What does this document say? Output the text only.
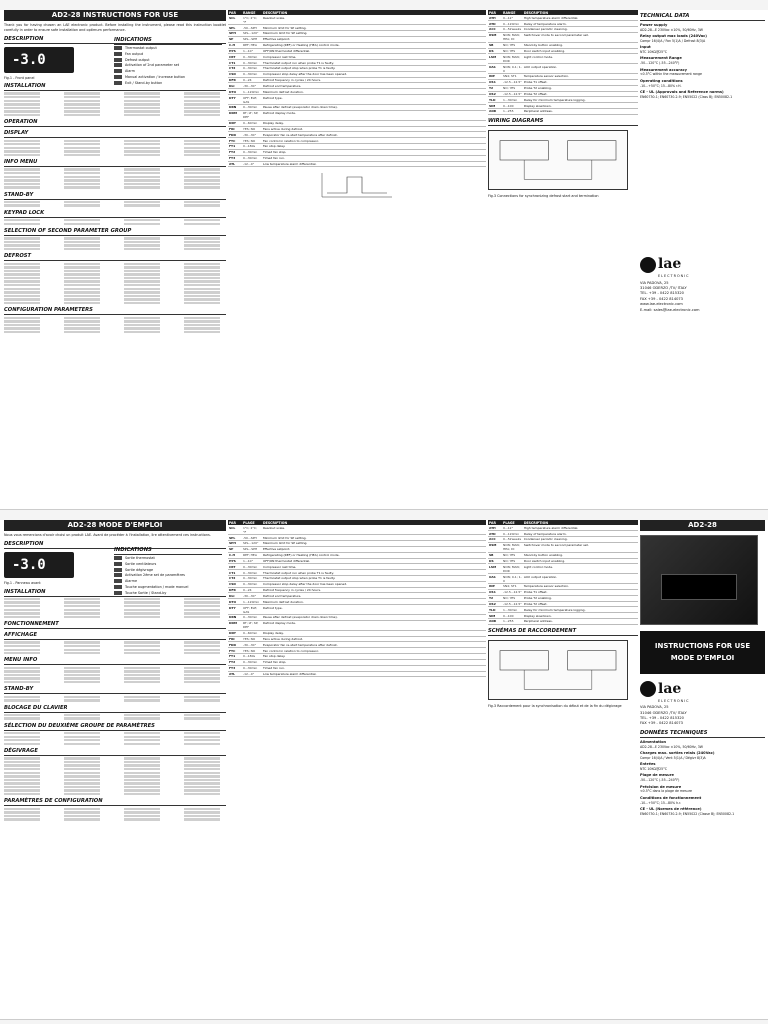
AD2-28 INSTRUCTIONS FOR USE
Thank you for having chosen an LAE electronic product. Before installing the instrument, please read this instruction booklet carefully in order to ensure safe installation and optimum performance.
DESCRIPTION
-3.0
Fig.1 - Front panel
INDICATIONS
Thermostat output
Fan output
Defrost output
Activation of 2nd parameter set
Alarm
Manual activation / increase button
Exit / Stand-by button
INSTALLATION
OPERATION
DISPLAY
INFO MENU
STAND-BY
KEYPAD LOCK
SELECTION OF SECOND PARAMETER GROUP
DEFROST
CONFIGURATION PARAMETERS
PAR	RANGE	DESCRIPTION
SCL	1°C; 2°C; °F	Readout scale.
SPL	-50...SPH	Minimum limit for SP setting.
SPH	SPL...120°	Maximum limit for SP setting.
SP	SPL...SPH	Effective setpoint.
C-H	REF; HEA	Refrigerating (REF) or Heating (HEA) control mode.
HYS	1...10°	OFF/ON thermostat differential.
CRT	0...30min	Compressor rest time.
CT1	0...30min	Thermostat output run when probe T1 is faulty.
CT2	0...30min	Thermostat output stop when probe T1 is faulty.
CSD	0...30min	Compressor stop delay after the door has been opened.
DFR	0...24	Defrost frequency in cycles / 24 hours.
DLI	-30...30°	Defrost end temperature.
DTO	1...120min	Maximum defrost duration.
DTY	OFF; ELE; GAS	Defrost type.
DRN	0...30min	Pause after defrost (evaporator drain down time).
DDM	RT; LT; SP; DEF	Defrost display mode.
DDY	0...60min	Display delay.
FID	YES; NO	Fans active during defrost.
FDD	-30...30°	Evaporator fan re-start temperature after defrost.
FTC	YES; NO	Fan control in relation to compressor.
FT1	0...180s	Fan stop delay.
FT2	0...30min	Timed fan stop.
FT3	0...30min	Timed fan run.
ATL	-12...0°	Low temperature alarm differential.
PAR	RANGE	DESCRIPTION
ATH	0...12°	High temperature alarm differential.
ATD	0...120min	Delay of temperature alarm.
ACC	0...52weeks	Condenser periodic cleaning.
IISM	NON; MAN; HEA; DI	Switchover mode to second parameter set.
SB	NO; YES	Stand-by button enabling.
DS	NO; YES	Door switch input enabling.
LSM	NON; MAN; DOR	Light control mode.
OA1	NON; 0-1; 1-0	AUX output operation.
INP	SN4; ST1	Temperature sensor selection.
OS1	-12.5...12.5°	Probe T1 offset.
T2	NO; YES	Probe T2 enabling.
OS2	-12.5...12.5°	Probe T2 offset.
TLD	1...30min	Delay for minimum temperature logging.
SIM	0...100	Display slowdown.
ADR	1...255	Peripheral address.
WIRING DIAGRAMS
Fig.3 Connections for synchronizing defrost start and termination
TECHNICAL DATA
Power supply
AD2-28...E 230Vac ±10%, 50/60Hz, 3W
Relay output max loads (240Vac)
Compr 16(4)A / Fan 5(1)A / Defrost 8(3)A
Input
NTC 10KΩ@25°C
Measurement Range
-50...120°C (-55...240°F)
Measurement accuracy
<0.5°C within the measurement range
Operating conditions
-10...+50°C; 15...80% r.H.
CE - UL (Approvals and Reference norms)
EN60730-1; EN60730-2-9; EN55022 (Class B); EN50082-1
lae
ELECTRONIC
VIA PADOVA, 25
31046 ODERZO /TV/ ITALY
TEL. +39 - 0422 815320
FAX +39 - 0422 814073
www.lae-electronic.com
E-mail: sales@lae-electronic.com
AD2-28 MODE D'EMPLOI
Nous vous remercions d'avoir choisi un produit LAE. Avant de procéder à l'installation, lire attentivement ces instructions.
DESCRIPTION
-3.0
Fig.1 - Panneau avant
INDICATIONS
Sortie thermostat
Sortie ventilateurs
Sortie dégivrage
Activation 2ème set de paramètres
Alarme
Touche augmentation / mode manuel
Touche Sortie / Stand-by
INSTALLATION
FONCTIONNEMENT
AFFICHAGE
MENU INFO
STAND-BY
BLOCAGE DU CLAVIER
SÉLECTION DU DEUXIÈME GROUPE DE PARAMÈTRES
DÉGIVRAGE
PARAMÈTRES DE CONFIGURATION
PAR	PLAGE	DESCRIPTION
SCL	1°C; 2°C; °F	Readout scale.
SPL	-50...SPH	Minimum limit for SP setting.
SPH	SPL...120°	Maximum limit for SP setting.
SP	SPL...SPH	Effective setpoint.
C-H	REF; HEA	Refrigerating (REF) or Heating (HEA) control mode.
HYS	1...10°	OFF/ON thermostat differential.
CRT	0...30min	Compressor rest time.
CT1	0...30min	Thermostat output run when probe T1 is faulty.
CT2	0...30min	Thermostat output stop when probe T1 is faulty.
CSD	0...30min	Compressor stop delay after the door has been opened.
DFR	0...24	Defrost frequency in cycles / 24 hours.
DLI	-30...30°	Defrost end temperature.
DTO	1...120min	Maximum defrost duration.
DTY	OFF; ELE; GAS	Defrost type.
DRN	0...30min	Pause after defrost (evaporator drain down time).
DDM	RT; LT; SP; DEF	Defrost display mode.
DDY	0...60min	Display delay.
FID	YES; NO	Fans active during defrost.
FDD	-30...30°	Evaporator fan re-start temperature after defrost.
FTC	YES; NO	Fan control in relation to compressor.
FT1	0...180s	Fan stop delay.
FT2	0...30min	Timed fan stop.
FT3	0...30min	Timed fan run.
ATL	-12...0°	Low temperature alarm differential.
PAR	PLAGE	DESCRIPTION
ATH	0...12°	High temperature alarm differential.
ATD	0...120min	Delay of temperature alarm.
ACC	0...52weeks	Condenser periodic cleaning.
IISM	NON; MAN; HEA; DI	Switchover mode to second parameter set.
SB	NO; YES	Stand-by button enabling.
DS	NO; YES	Door switch input enabling.
LSM	NON; MAN; DOR	Light control mode.
OA1	NON; 0-1; 1-0	AUX output operation.
INP	SN4; ST1	Temperature sensor selection.
OS1	-12.5...12.5°	Probe T1 offset.
T2	NO; YES	Probe T2 enabling.
OS2	-12.5...12.5°	Probe T2 offset.
TLD	1...30min	Delay for minimum temperature logging.
SIM	0...100	Display slowdown.
ADR	1...255	Peripheral address.
SCHÉMAS DE RACCORDEMENT
Fig.3 Raccordement pour la synchronisation du début et de la fin du dégivrage
AD2-28
INSTRUCTIONS FOR USE
MODE D'EMPLOI
lae
ELECTRONIC
VIA PADOVA, 25
31046 ODERZO /TV/ ITALY
TEL. +39 - 0422 815320
FAX +39 - 0422 814073
DONNÉES TECHNIQUES
Alimentation
AD2-28...E 230Vac ±10%, 50/60Hz, 3W
Charges max. sorties relais (240Vac)
Compr 16(4)A / Vent 5(1)A / Dégivr 8(3)A
Entrées
NTC 10KΩ@25°C
Plage de mesure
-50...120°C (-55...240°F)
Précision de mesure
<0.5°C dans la plage de mesure
Conditions de fonctionnement
-10...+50°C; 15...80% h.r.
CE - UL (Normes de référence)
EN60730-1; EN60730-2-9; EN55022 (Classe B); EN50082-1
